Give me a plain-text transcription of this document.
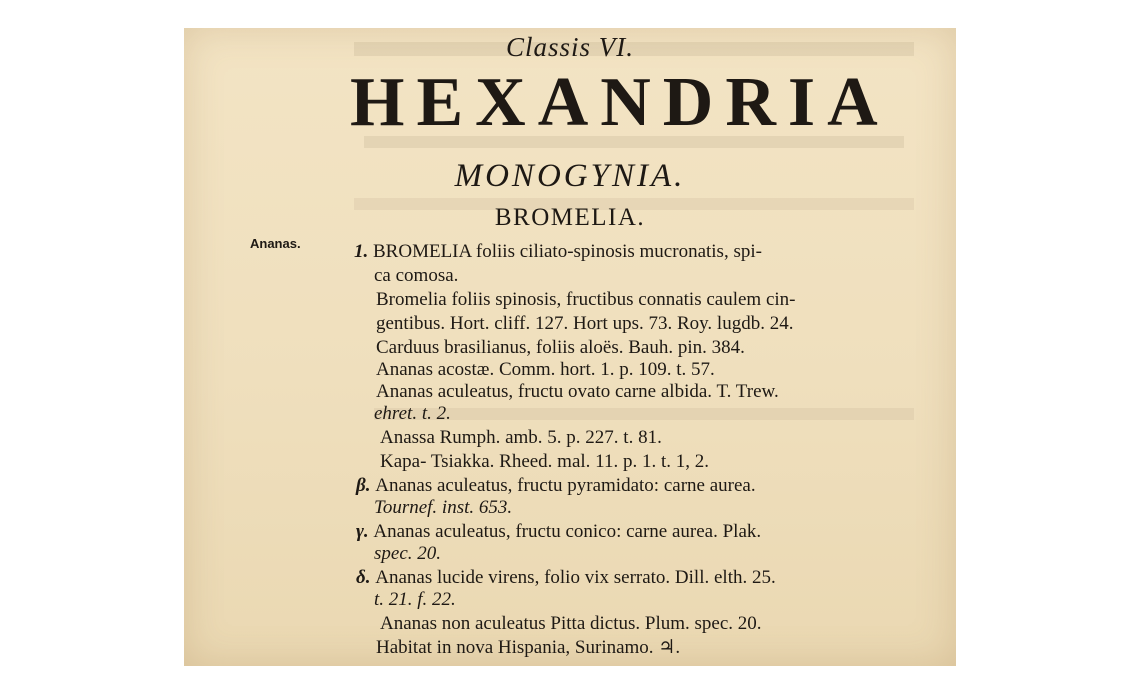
Classis VI.
HEXANDRIA
MONOGYNIA.
BROMELIA.
Ananas.	1. BROMELIA foliis ciliato-spinosis mucronatis, spi-
ca comosa.
Bromelia foliis spinosis, fructibus connatis caulem cin-
gentibus. Hort. cliff. 127. Hort ups. 73. Roy. lugdb. 24.
Carduus brasilianus, foliis aloës. Bauh. pin. 384.
Ananas acostæ. Comm. hort. 1. p. 109. t. 57.
Ananas aculeatus, fructu ovato carne albida. T. Trew.
ehret. t. 2.
Anassa Rumph. amb. 5. p. 227. t. 81.
Kapa- Tsiakka. Rheed. mal. 11. p. 1. t. 1, 2.
β. Ananas aculeatus, fructu pyramidato: carne aurea.
Tournef. inst. 653.
γ. Ananas aculeatus, fructu conico: carne aurea. Plak.
spec. 20.
δ. Ananas lucide virens, folio vix serrato. Dill. elth. 25.
t. 21. f. 22.
Ananas non aculeatus Pitta dictus. Plum. spec. 20.
Habitat in nova Hispania, Surinamo. ♃.
